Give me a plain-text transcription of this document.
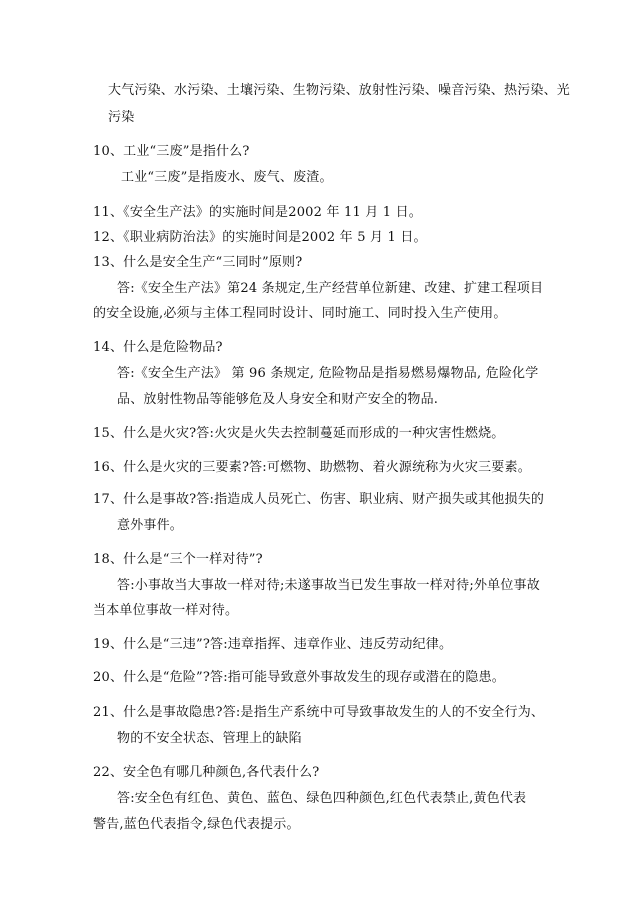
大气污染、水污染、土壤污染、生物污染、放射性污染、噪音污染、热污染、光
污染
10、工业“三废”是指什么?
工业“三废”是指废水、废气、废渣。
11、《安全生产法》的实施时间是2002 年 11 月 1 日。
12、《职业病防治法》的实施时间是2002 年 5 月 1 日。
13、什么是安全生产“三同时”原则?
答:《安全生产法》第24 条规定,生产经营单位新建、改建、扩建工程项目
的安全设施,必须与主体工程同时设计、同时施工、同时投入生产使用。
14、什么是危险物品?
答:《安全生产法》 第 96 条规定, 危险物品是指易燃易爆物品, 危险化学
品、放射性物品等能够危及人身安全和财产安全的物品.
15、什么是火灾?答:火灾是火失去控制蔓延而形成的一种灾害性燃烧。
16、什么是火灾的三要素?答:可燃物、助燃物、着火源统称为火灾三要素。
17、什么是事故?答:指造成人员死亡、伤害、职业病、财产损失或其他损失的
意外事件。
18、什么是“三个一样对待”?
答:小事故当大事故一样对待;未遂事故当已发生事故一样对待;外单位事故
当本单位事故一样对待。
19、什么是“三违”?答:违章指挥、违章作业、违反劳动纪律。
20、什么是“危险”?答:指可能导致意外事故发生的现存或潜在的隐患。
21、什么是事故隐患?答:是指生产系统中可导致事故发生的人的不安全行为、
物的不安全状态、管理上的缺陷
22、安全色有哪几种颜色,各代表什么?
答:安全色有红色、黄色、蓝色、绿色四种颜色,红色代表禁止,黄色代表
警告,蓝色代表指令,绿色代表提示。
